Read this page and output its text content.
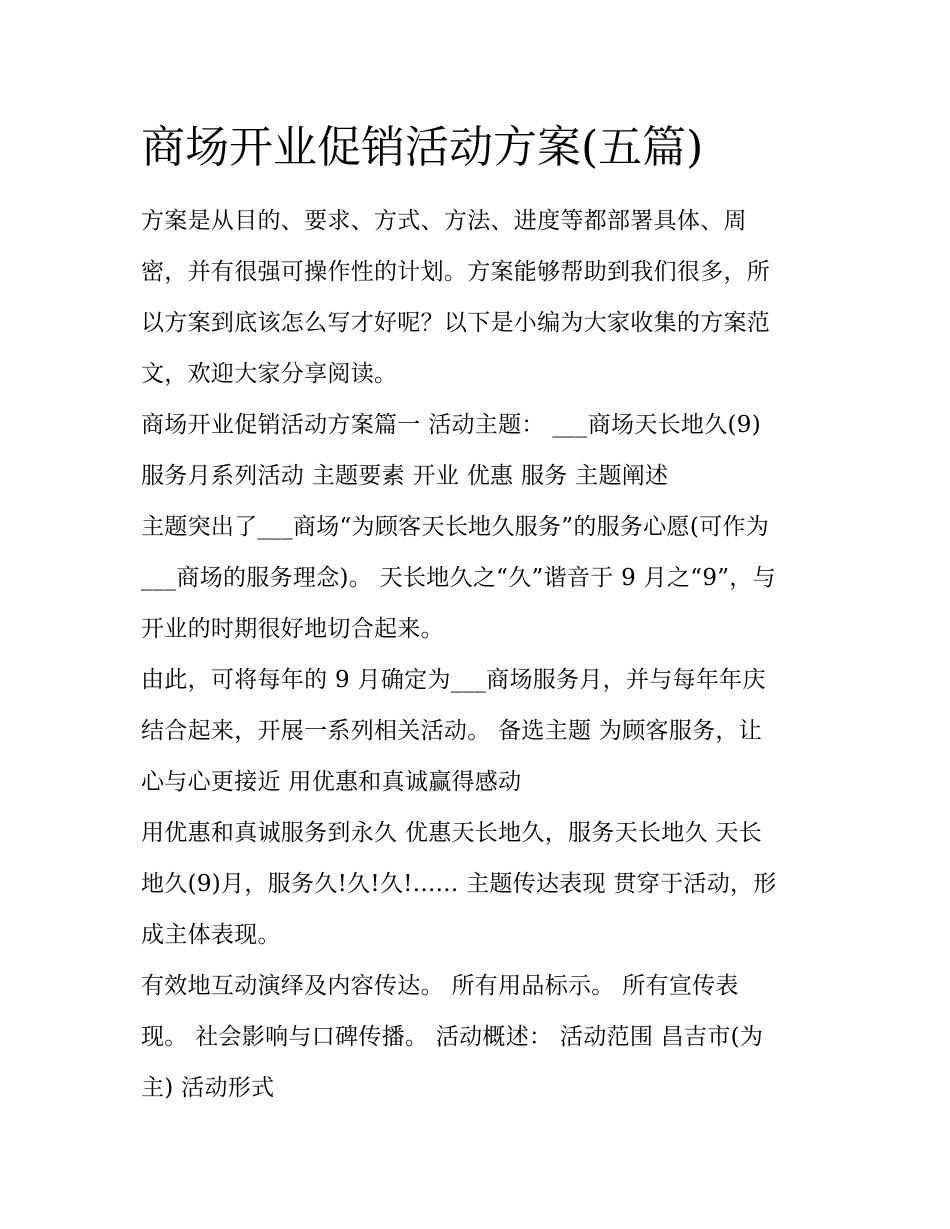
商场开业促销活动方案(五篇)

方案是从目的、要求、方式、方法、进度等都部署具体、周
密，并有很强可操作性的计划。方案能够帮助到我们很多，所
以方案到底该怎么写才好呢？以下是小编为大家收集的方案范
文，欢迎大家分享阅读。

商场开业促销活动方案篇一 活动主题： ___商场天长地久(9)
服务月系列活动 主题要素 开业 优惠 服务 主题阐述

主题突出了___商场“为顾客天长地久服务”的服务心愿(可作为
___商场的服务理念)。 天长地久之“久”谐音于 9 月之“9”，与
开业的时期很好地切合起来。

由此，可将每年的 9 月确定为___商场服务月，并与每年年庆
结合起来，开展一系列相关活动。 备选主题 为顾客服务，让
心与心更接近 用优惠和真诚赢得感动

用优惠和真诚服务到永久 优惠天长地久，服务天长地久 天长
地久(9)月，服务久!久!久!...... 主题传达表现 贯穿于活动，形
成主体表现。

有效地互动演绎及内容传达。 所有用品标示。 所有宣传表
现。 社会影响与口碑传播。 活动概述： 活动范围 昌吉市(为
主) 活动形式
